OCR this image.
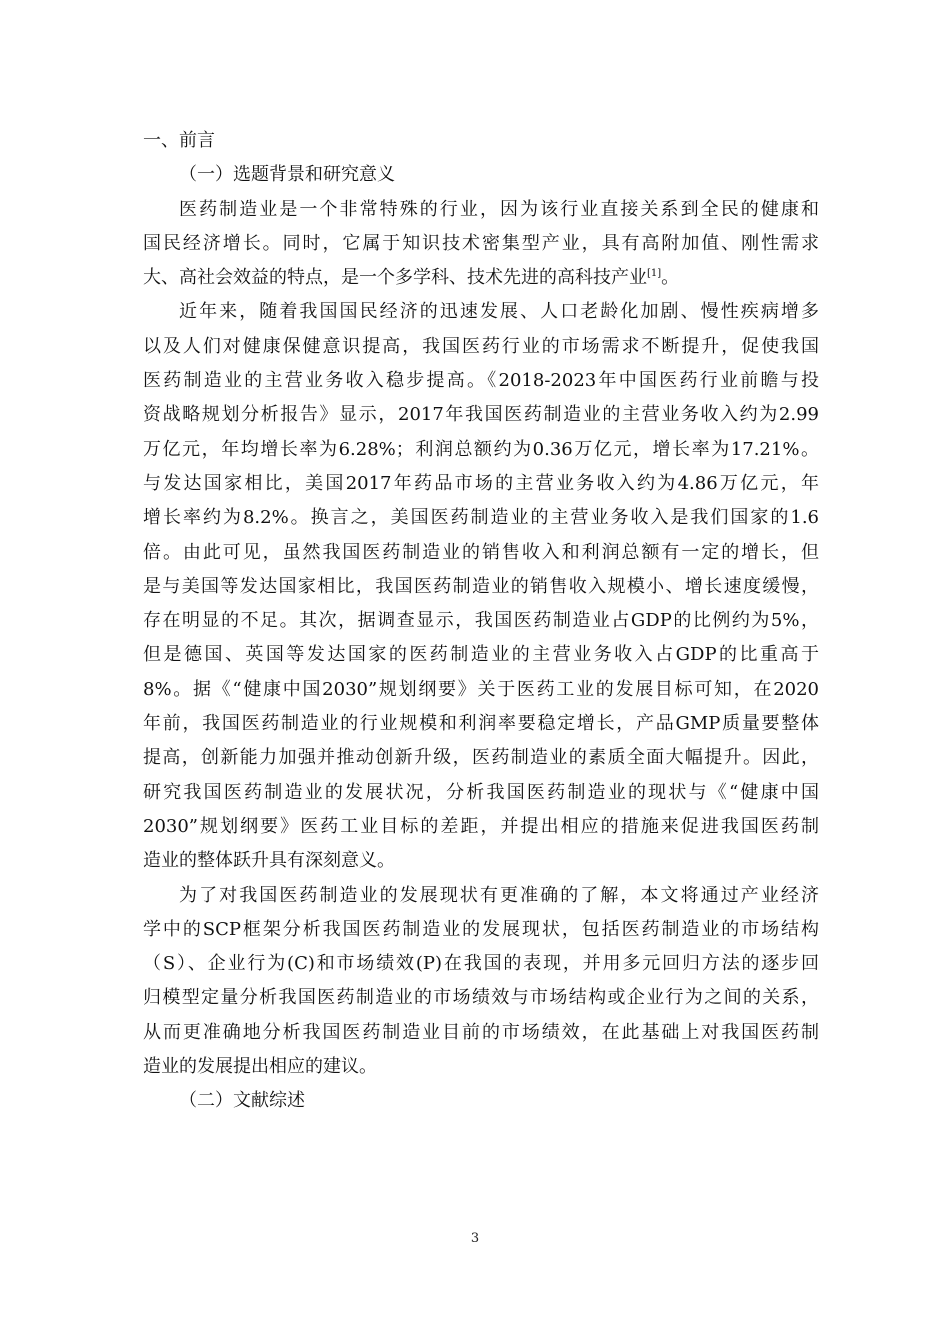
一、前言
（一）选题背景和研究意义
医药制造业是一个非常特殊的行业，因为该行业直接关系到全民的健康和
国民经济增长。同时，它属于知识技术密集型产业，具有高附加值、刚性需求
大、高社会效益的特点，是一个多学科、技术先进的高科技产业[1]。
近年来，随着我国国民经济的迅速发展、人口老龄化加剧、慢性疾病增多
以及人们对健康保健意识提高，我国医药行业的市场需求不断提升，促使我国
医药制造业的主营业务收入稳步提高。《2018-2023年中国医药行业前瞻与投
资战略规划分析报告》显示，2017年我国医药制造业的主营业务收入约为2.99
万亿元，年均增长率为6.28%；利润总额约为0.36万亿元，增长率为17.21%。
与发达国家相比，美国2017年药品市场的主营业务收入约为4.86万亿元，年
增长率约为8.2%。换言之，美国医药制造业的主营业务收入是我们国家的1.6
倍。由此可见，虽然我国医药制造业的销售收入和利润总额有一定的增长，但
是与美国等发达国家相比，我国医药制造业的销售收入规模小、增长速度缓慢，
存在明显的不足。其次，据调查显示，我国医药制造业占GDP的比例约为5%，
但是德国、英国等发达国家的医药制造业的主营业务收入占GDP的比重高于
8%。据《“健康中国2030”规划纲要》关于医药工业的发展目标可知，在2020
年前，我国医药制造业的行业规模和利润率要稳定增长，产品GMP质量要整体
提高，创新能力加强并推动创新升级，医药制造业的素质全面大幅提升。因此，
研究我国医药制造业的发展状况，分析我国医药制造业的现状与《“健康中国
2030”规划纲要》医药工业目标的差距，并提出相应的措施来促进我国医药制
造业的整体跃升具有深刻意义。
为了对我国医药制造业的发展现状有更准确的了解，本文将通过产业经济
学中的SCP框架分析我国医药制造业的发展现状，包括医药制造业的市场结构
（S）、企业行为(C)和市场绩效(P)在我国的表现，并用多元回归方法的逐步回
归模型定量分析我国医药制造业的市场绩效与市场结构或企业行为之间的关系，
从而更准确地分析我国医药制造业目前的市场绩效，在此基础上对我国医药制
造业的发展提出相应的建议。
（二）文献综述
3
